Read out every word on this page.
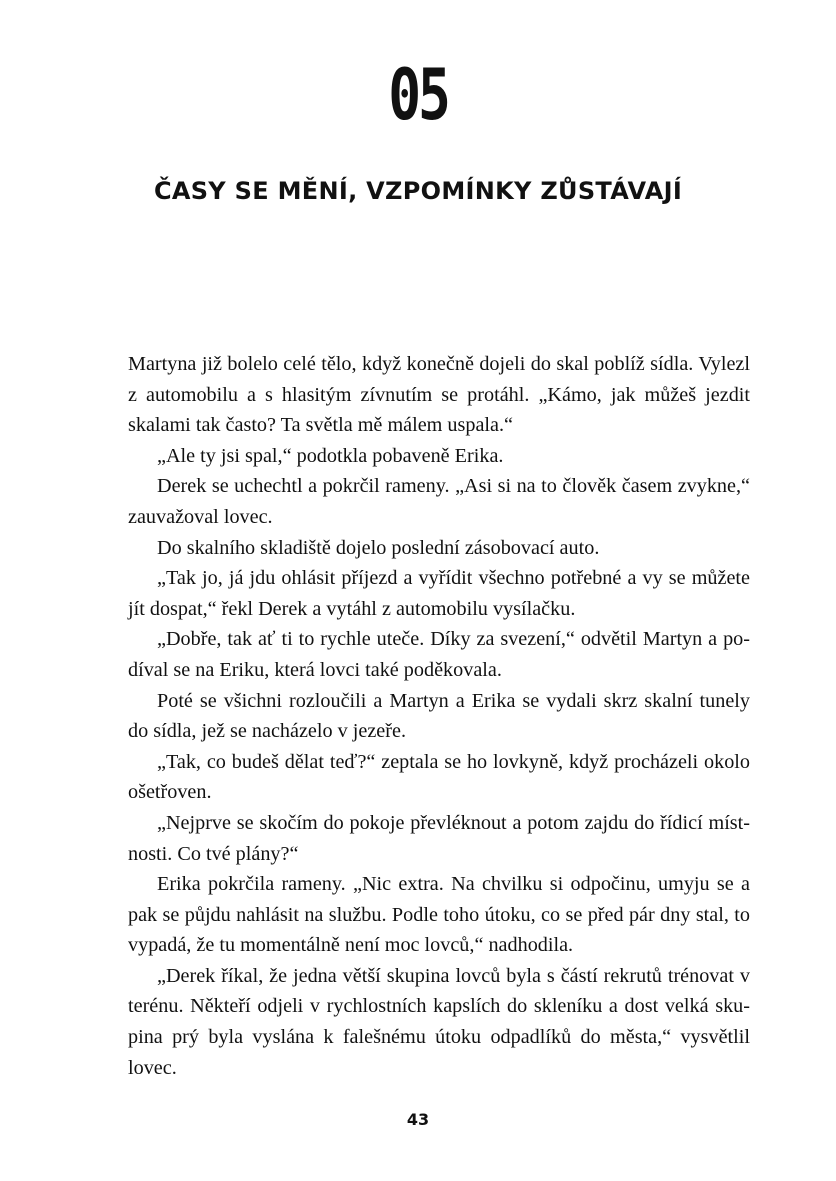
05
ČASY SE MĚNÍ, VZPOMÍNKY ZŮSTÁVAJÍ

Martyna již bolelo celé tělo, když konečně dojeli do skal poblíž sídla. Vylezl z automobilu a s hlasitým zívnutím se protáhl. „Kámo, jak můžeš jezdit skalami tak často? Ta světla mě málem uspala.“

„Ale ty jsi spal,“ podotkla pobaveně Erika.

Derek se uchechtl a pokrčil rameny. „Asi si na to člověk časem zvykne,“ zauvažoval lovec.

Do skalního skladiště dojelo poslední zásobovací auto.

„Tak jo, já jdu ohlásit příjezd a vyřídit všechno potřebné a vy se můžete jít dospat,“ řekl Derek a vytáhl z automobilu vysílačku.

„Dobře, tak ať ti to rychle uteče. Díky za svezení,“ odvětil Martyn a podíval se na Eriku, která lovci také poděkovala.

Poté se všichni rozloučili a Martyn a Erika se vydali skrz skalní tunely do sídla, jež se nacházelo v jezeře.

„Tak, co budeš dělat teď?“ zeptala se ho lovkyně, když procházeli okolo ošetřoven.

„Nejprve se skočím do pokoje převléknout a potom zajdu do řídicí místnosti. Co tvé plány?“

Erika pokrčila rameny. „Nic extra. Na chvilku si odpočinu, umyju se a pak se půjdu nahlásit na službu. Podle toho útoku, co se před pár dny stal, to vypadá, že tu momentálně není moc lovců,“ nadhodila.

„Derek říkal, že jedna větší skupina lovců byla s částí rekrutů trénovat v terénu. Někteří odjeli v rychlostních kapslích do skleníku a dost velká skupina prý byla vyslána k falešnému útoku odpadlíků do města,“ vysvětlil lovec.

43
